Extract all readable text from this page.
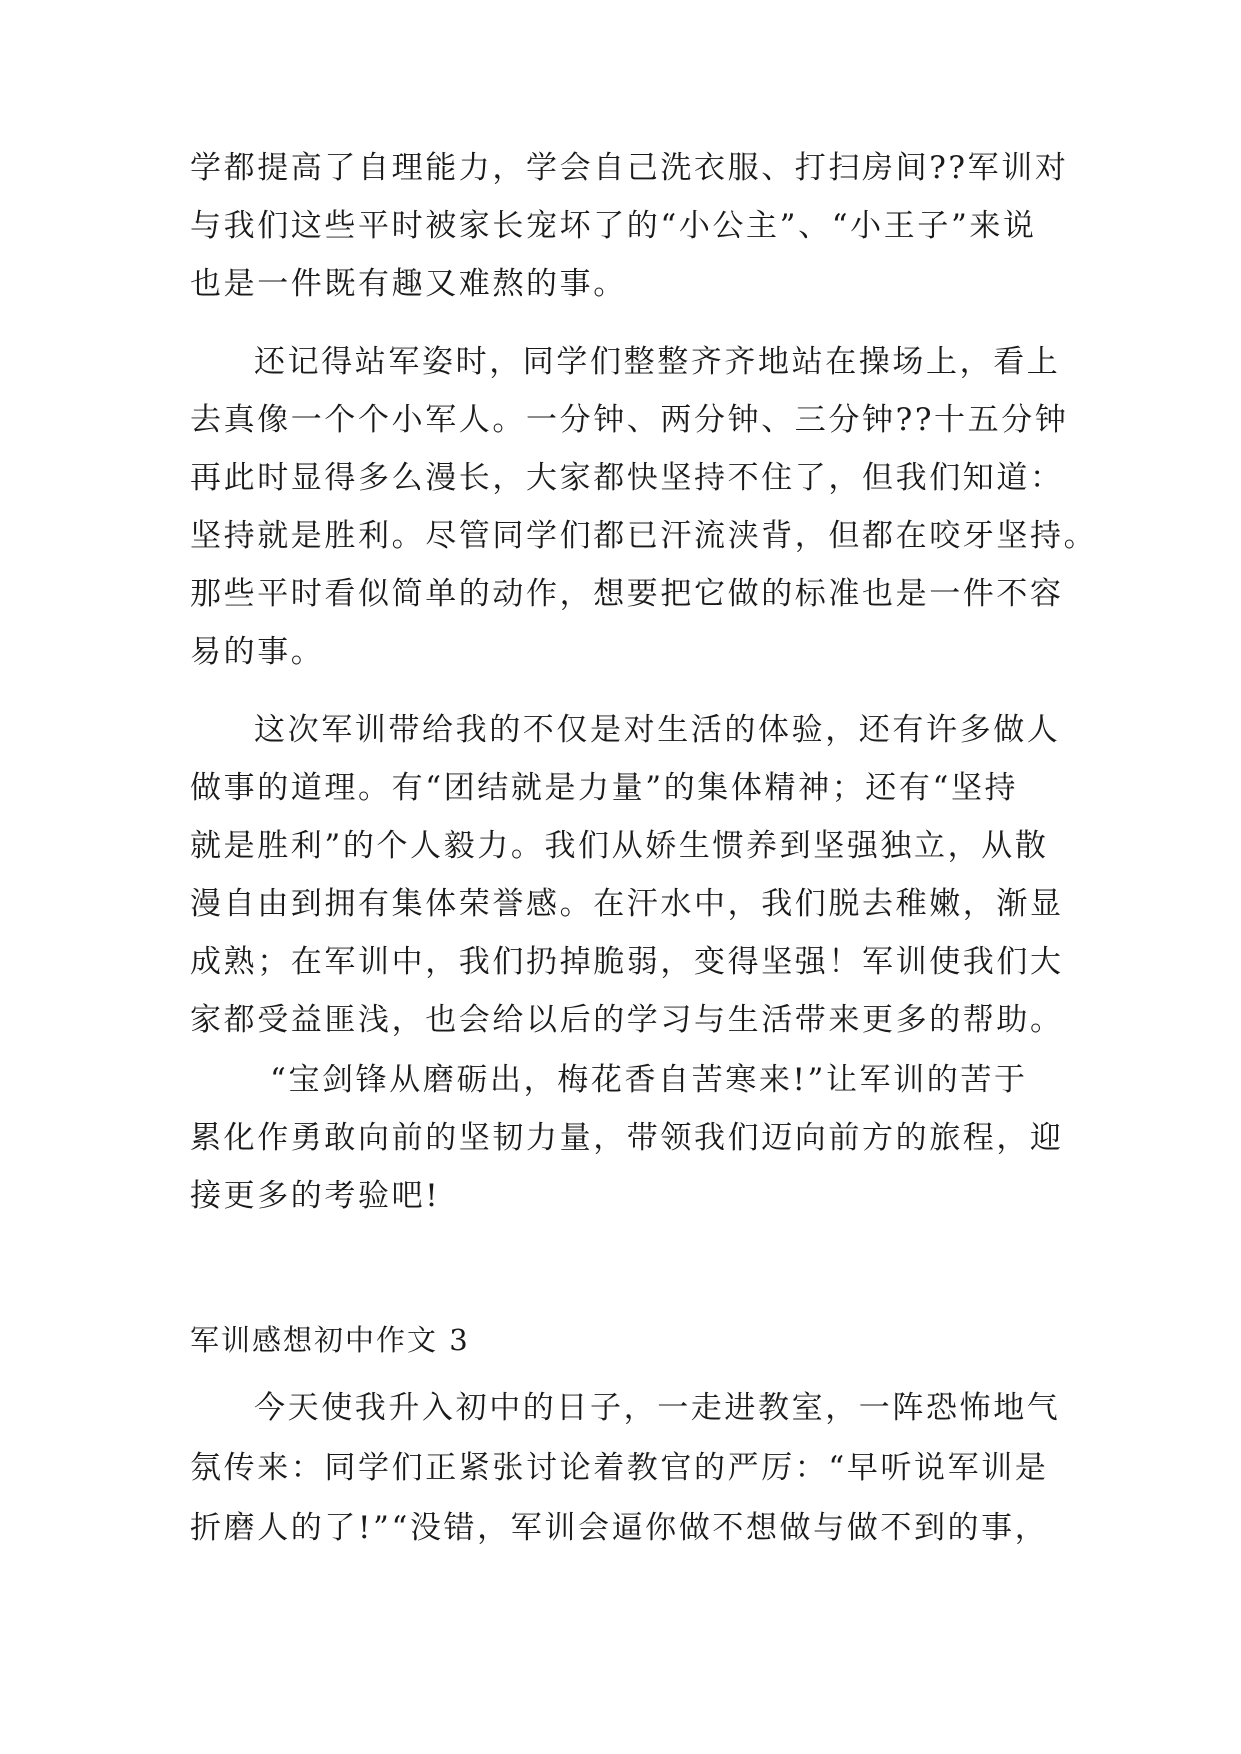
学都提高了自理能力，学会自己洗衣服、打扫房间??军训对
与我们这些平时被家长宠坏了的“小公主”、“小王子”来说
也是一件既有趣又难熬的事。
还记得站军姿时，同学们整整齐齐地站在操场上，看上
去真像一个个小军人。一分钟、两分钟、三分钟??十五分钟
再此时显得多么漫长，大家都快坚持不住了，但我们知道：
坚持就是胜利。尽管同学们都已汗流浃背，但都在咬牙坚持。
那些平时看似简单的动作，想要把它做的标准也是一件不容
易的事。
这次军训带给我的不仅是对生活的体验，还有许多做人
做事的道理。有“团结就是力量”的集体精神；还有“坚持
就是胜利”的个人毅力。我们从娇生惯养到坚强独立，从散
漫自由到拥有集体荣誉感。在汗水中，我们脱去稚嫩，渐显
成熟；在军训中，我们扔掉脆弱，变得坚强！军训使我们大
家都受益匪浅，也会给以后的学习与生活带来更多的帮助。
“宝剑锋从磨砺出，梅花香自苦寒来!”让军训的苦于
累化作勇敢向前的坚韧力量，带领我们迈向前方的旅程，迎
接更多的考验吧!
军训感想初中作文 3
今天使我升入初中的日子，一走进教室，一阵恐怖地气
氛传来：同学们正紧张讨论着教官的严厉：“早听说军训是
折磨人的了!”“没错，军训会逼你做不想做与做不到的事，
